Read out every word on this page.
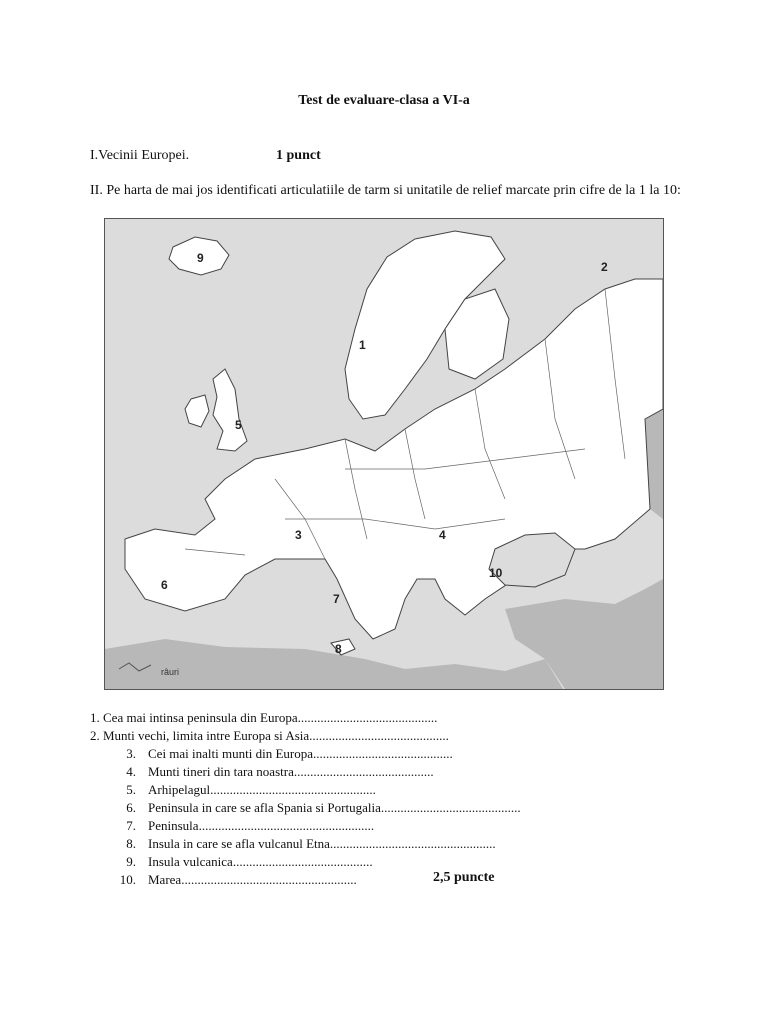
Test de evaluare-clasa a VI-a
I.Vecinii Europei.	1 punct
II. Pe harta de mai jos identificati articulatiile de tarm si unitatile de relief marcate prin cifre de la 1 la 10:
râuri
9
2
1
5
3	4
6
10
7
8
1. Cea mai intinsa peninsula din Europa...........................................
2. Munti vechi, limita intre Europa si Asia...........................................
3. Cei mai inalti munti din Europa...........................................
4. Munti tineri din tara noastra...........................................
5. Arhipelagul...................................................
6. Peninsula in care se afla Spania si Portugalia...........................................
7. Peninsula......................................................
8. Insula in care se afla vulcanul Etna...................................................
9. Insula vulcanica...........................................
10. Marea......................................................	2,5 puncte
